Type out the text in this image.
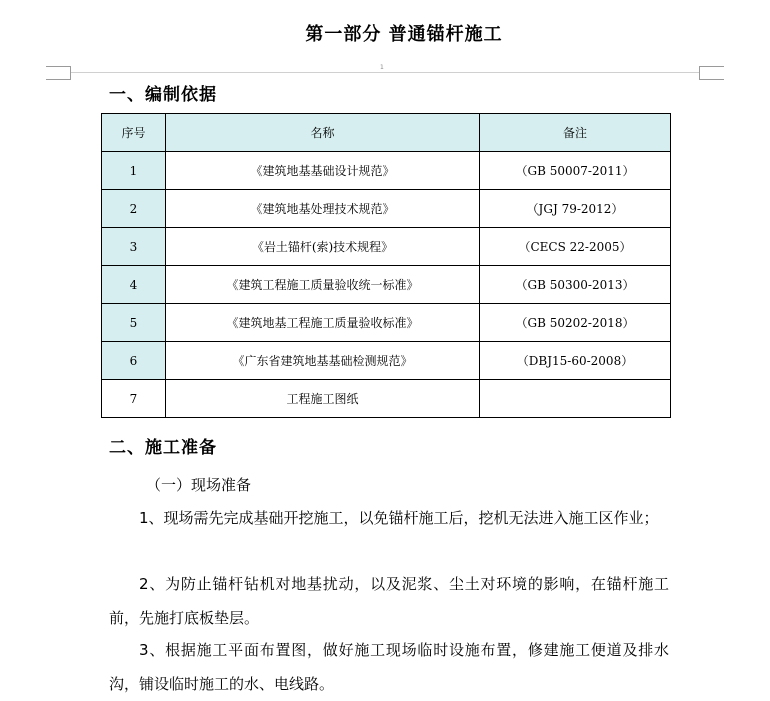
第一部分 普通锚杆施工
1
一、编制依据
序号	名称	备注
1	《建筑地基基础设计规范》	（GB 50007-2011）
2	《建筑地基处理技术规范》	（JGJ 79-2012）
3	《岩土锚杆(索)技术规程》	（CECS 22-2005）
4	《建筑工程施工质量验收统一标准》	（GB 50300-2013）
5	《建筑地基工程施工质量验收标准》	（GB 50202-2018）
6	《广东省建筑地基基础检测规范》	（DBJ15-60-2008）
7	工程施工图纸	
二、施工准备
（一）现场准备
1、现场需先完成基础开挖施工，以免锚杆施工后，挖机无法进入施工区作业；
2、为防止锚杆钻机对地基扰动，以及泥浆、尘土对环境的影响，在锚杆施工前，先施打底板垫层。
3、根据施工平面布置图，做好施工现场临时设施布置，修建施工便道及排水沟，铺设临时施工的水、电线路。
